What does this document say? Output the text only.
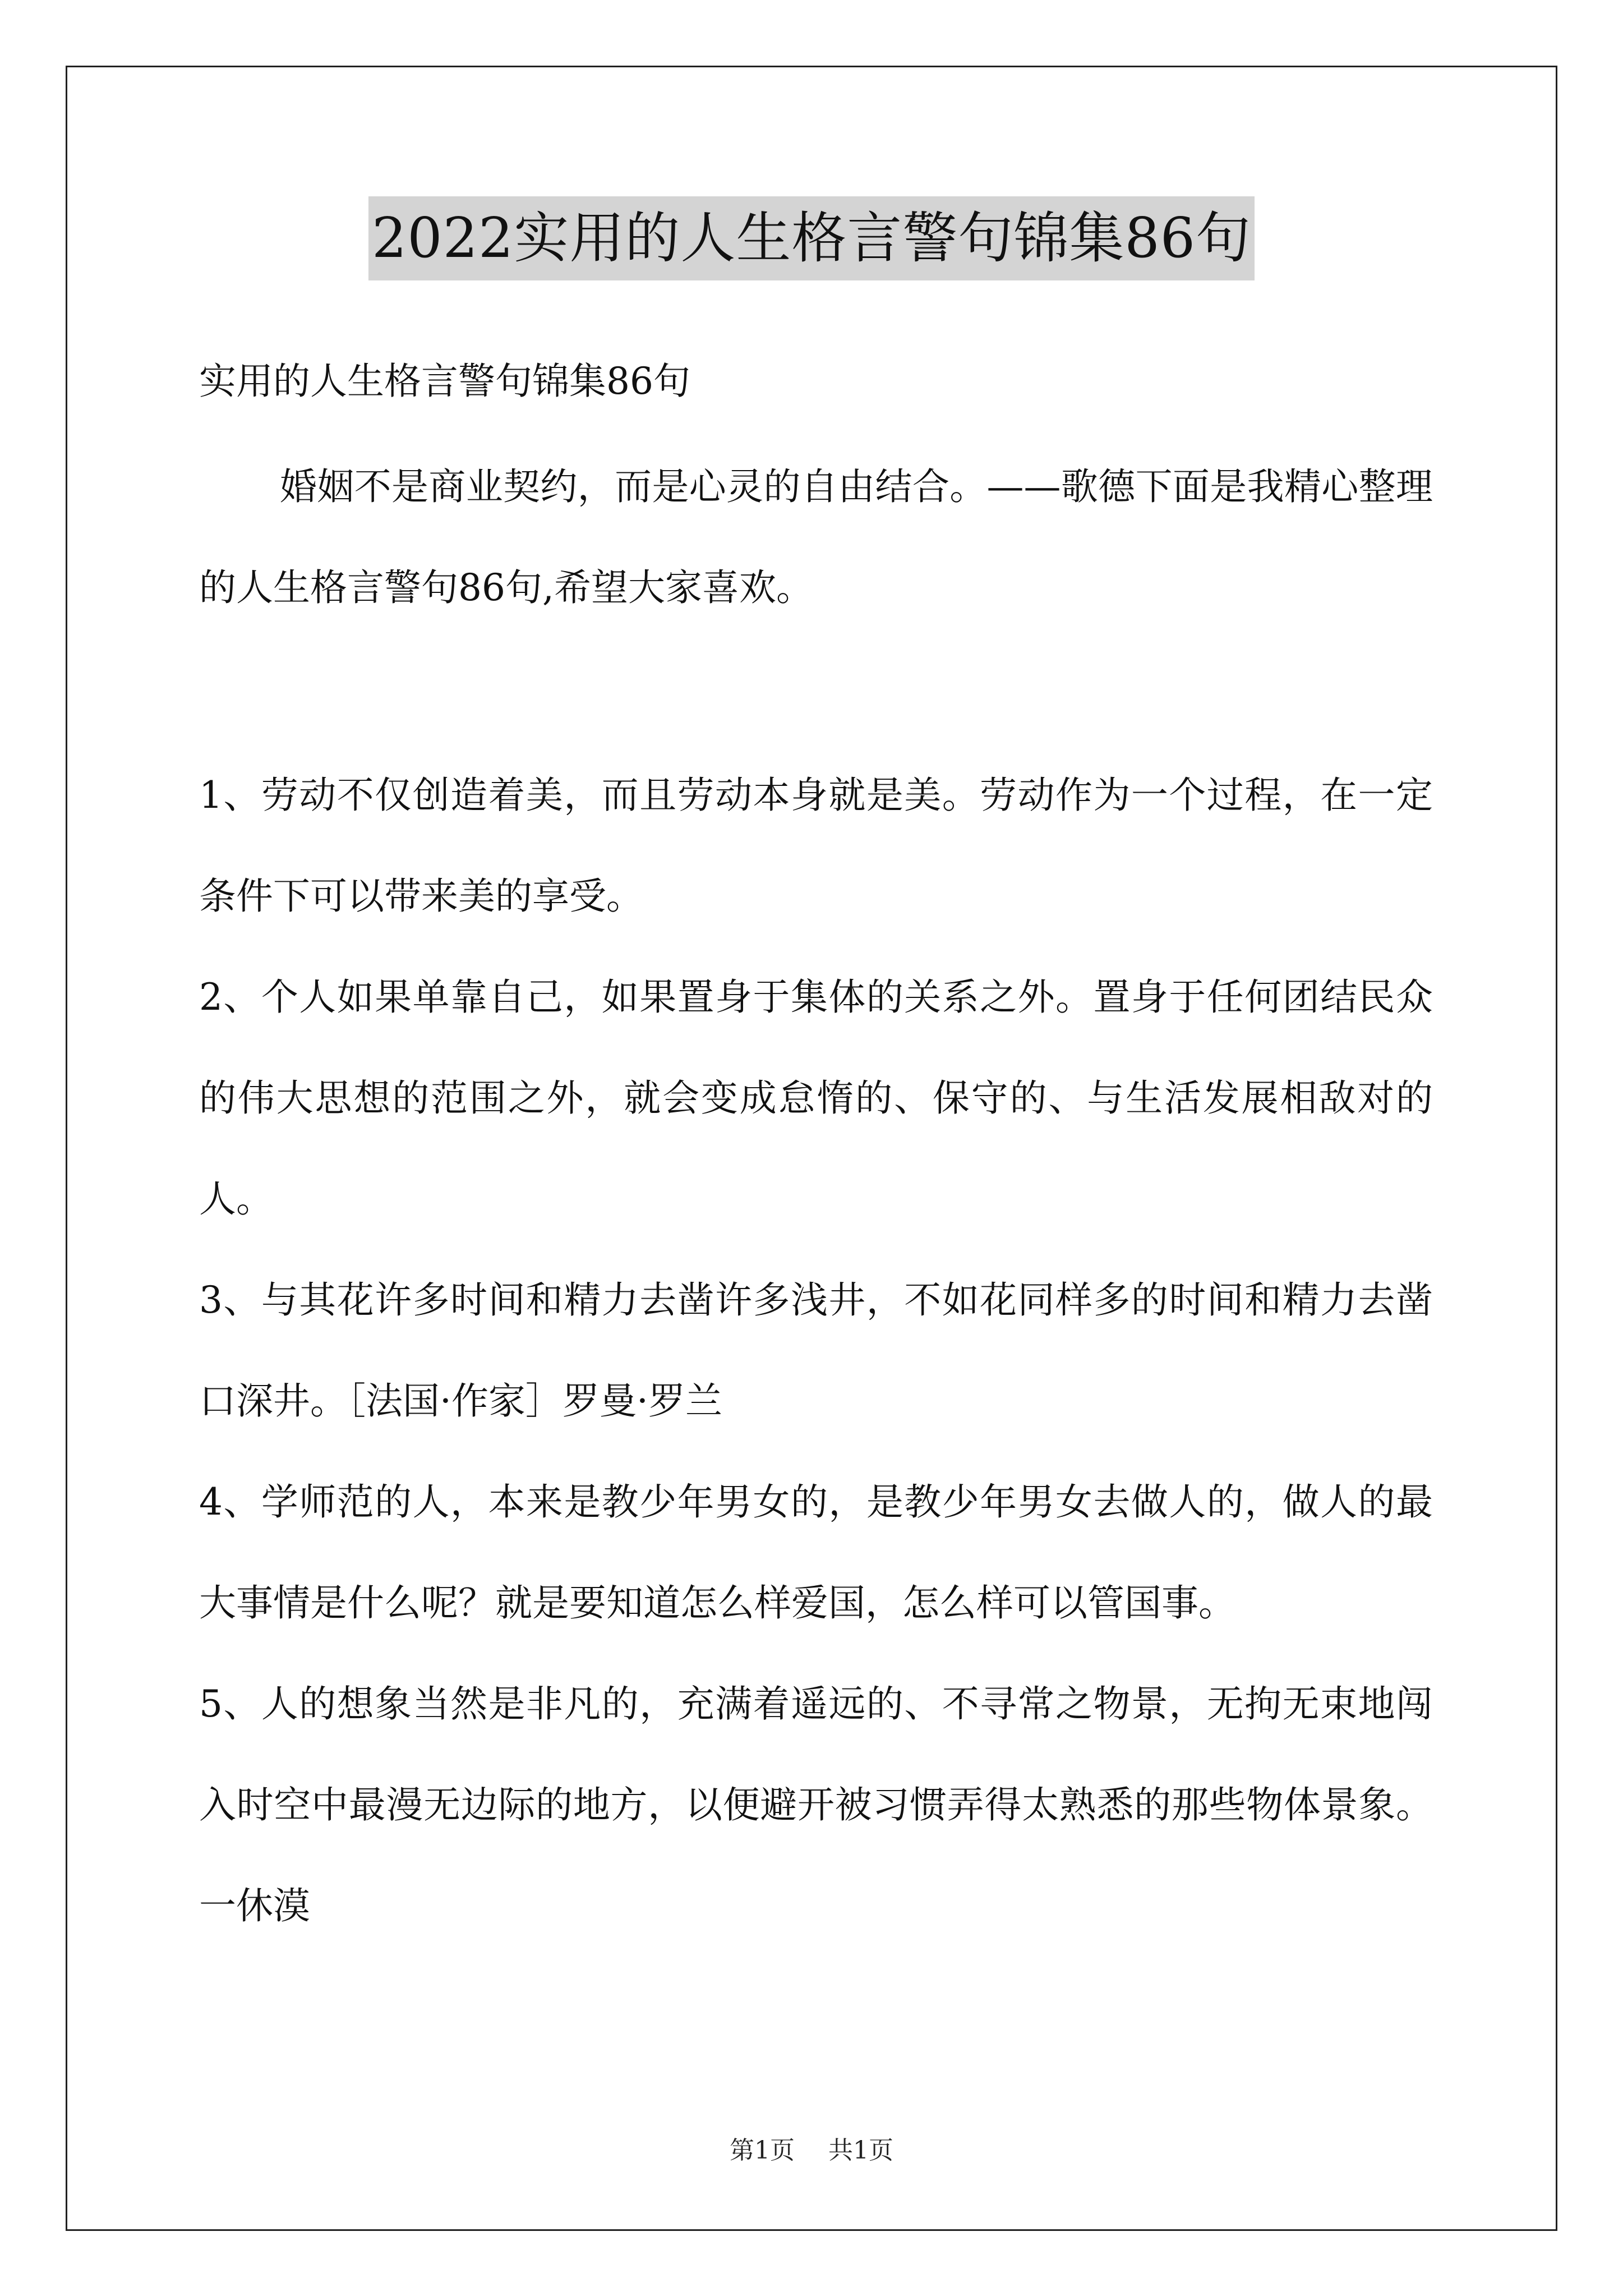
2022实用的人生格言警句锦集86句

实用的人生格言警句锦集86句

婚姻不是商业契约，而是心灵的自由结合。——歌德下面是我精心整理的人生格言警句86句,希望大家喜欢。

1、劳动不仅创造着美，而且劳动本身就是美。劳动作为一个过程，在一定条件下可以带来美的享受。

2、个人如果单靠自己，如果置身于集体的关系之外。置身于任何团结民众的伟大思想的范围之外，就会变成怠惰的、保守的、与生活发展相敌对的人。

3、与其花许多时间和精力去凿许多浅井，不如花同样多的时间和精力去凿口深井。［法国·作家］罗曼·罗兰

4、学师范的人，本来是教少年男女的，是教少年男女去做人的，做人的最大事情是什么呢？就是要知道怎么样爱国，怎么样可以管国事。

5、人的想象当然是非凡的，充满着遥远的、不寻常之物景，无拘无束地闯入时空中最漫无边际的地方，以便避开被习惯弄得太熟悉的那些物体景象。一休漠

第1页 共1页
